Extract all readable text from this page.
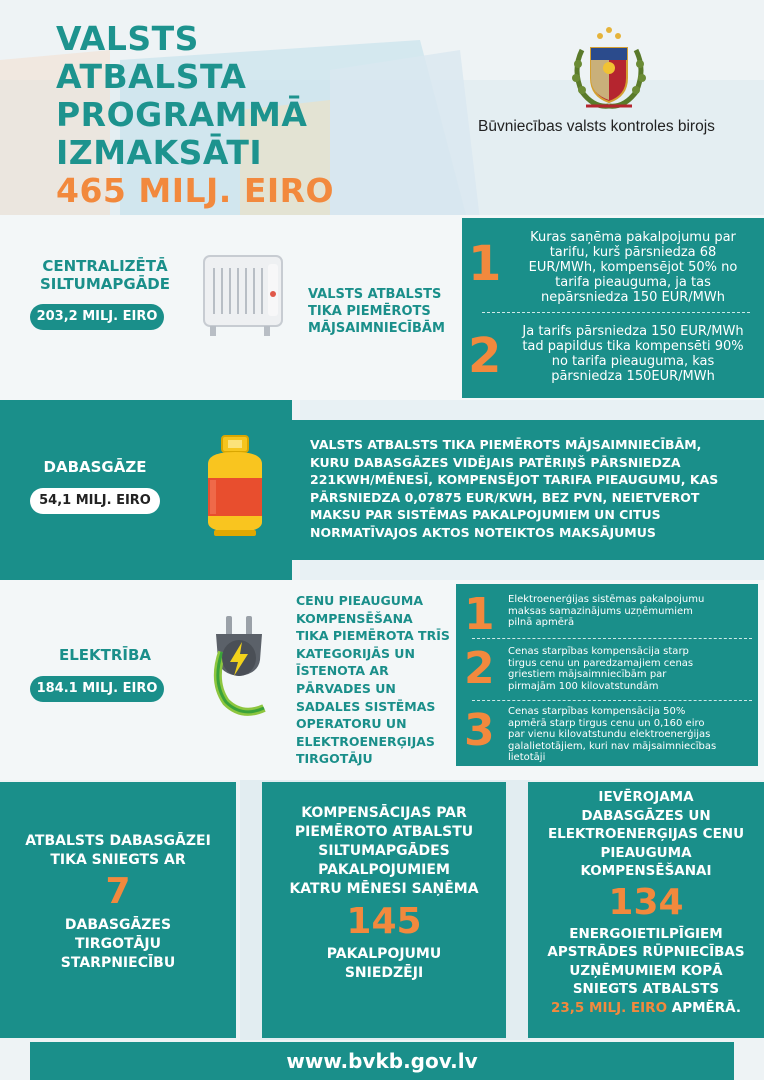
VALSTS
ATBALSTA
PROGRAMMĀ
IZMAKSĀTI
465 MILJ. EIRO
Būvniecības valsts kontroles birojs
CENTRALIZĒTĀ
SILTUMAPGĀDE
203,2 MILJ. EIRO
VALSTS ATBALSTS
TIKA PIEMĒROTS
MĀJSAIMNIECĪBĀM
1	Kuras saņēma pakalpojumu par
tarifu, kurš pārsniedza 68
EUR/MWh, kompensējot 50% no
tarifa pieauguma, ja tas
nepārsniedza 150 EUR/MWh
2	Ja tarifs pārsniedza 150 EUR/MWh
tad papildus tika kompensēti 90%
no tarifa pieauguma, kas
pārsniedza 150EUR/MWh
DABASGĀZE
54,1 MILJ. EIRO
VALSTS ATBALSTS TIKA PIEMĒROTS MĀJSAIMNIECĪBĀM,
KURU DABASGĀZES VIDĒJAIS PATĒRIŅŠ PĀRSNIEDZA
221KWH/MĒNESĪ, KOMPENSĒJOT TARIFA PIEAUGUMU, KAS
PĀRSNIEDZA 0,07875 EUR/KWH, BEZ PVN, NEIETVEROT
MAKSU PAR SISTĒMAS PAKALPOJUMIEM UN CITUS
NORMATĪVAJOS AKTOS NOTEIKTOS MAKSĀJUMUS
ELEKTRĪBA
184.1 MILJ. EIRO
CENU PIEAUGUMA
KOMPENSĒŠANA
TIKA PIEMĒROTA TRĪS
KATEGORIJĀS UN
ĪSTENOTA AR
PĀRVADES UN
SADALES SISTĒMAS
OPERATORU UN
ELEKTROENERĢIJAS
TIRGOTĀJU
1 Elektroenerģijas sistēmas pakalpojumu
maksas samazinājums uzņēmumiem
pilnā apmērā
2 Cenas starpības kompensācija starp
tirgus cenu un paredzamajiem cenas
griestiem mājsaimniecībām par
pirmajām 100 kilovatstundām
3 Cenas starpības kompensācija 50%
apmērā starp tirgus cenu un 0,160 eiro
par vienu kilovatstundu elektroenerģijas
galalietotājiem, kuri nav mājsaimniecības
lietotāji
ATBALSTS DABASGĀZEI
TIKA SNIEGTS AR
7
DABASGĀZES
TIRGOTĀJU
STARPNIECĪBU
KOMPENSĀCIJAS PAR
PIEMĒROTO ATBALSTU
SILTUMAPGĀDES
PAKALPOJUMIEM
KATRU MĒNESI SAŅĒMA
145
PAKALPOJUMU
SNIEDZĒJI
IEVĒROJAMA
DABASGĀZES UN
ELEKTROENERĢIJAS CENU
PIEAUGUMA
KOMPENSĒŠANAI
134
ENERGOIETILPĪGIEM
APSTRĀDES RŪPNIECĪBAS
UZŅĒMUMIEM KOPĀ
SNIEGTS ATBALSTS
23,5 MILJ. EIRO APMĒRĀ.
www.bvkb.gov.lv
